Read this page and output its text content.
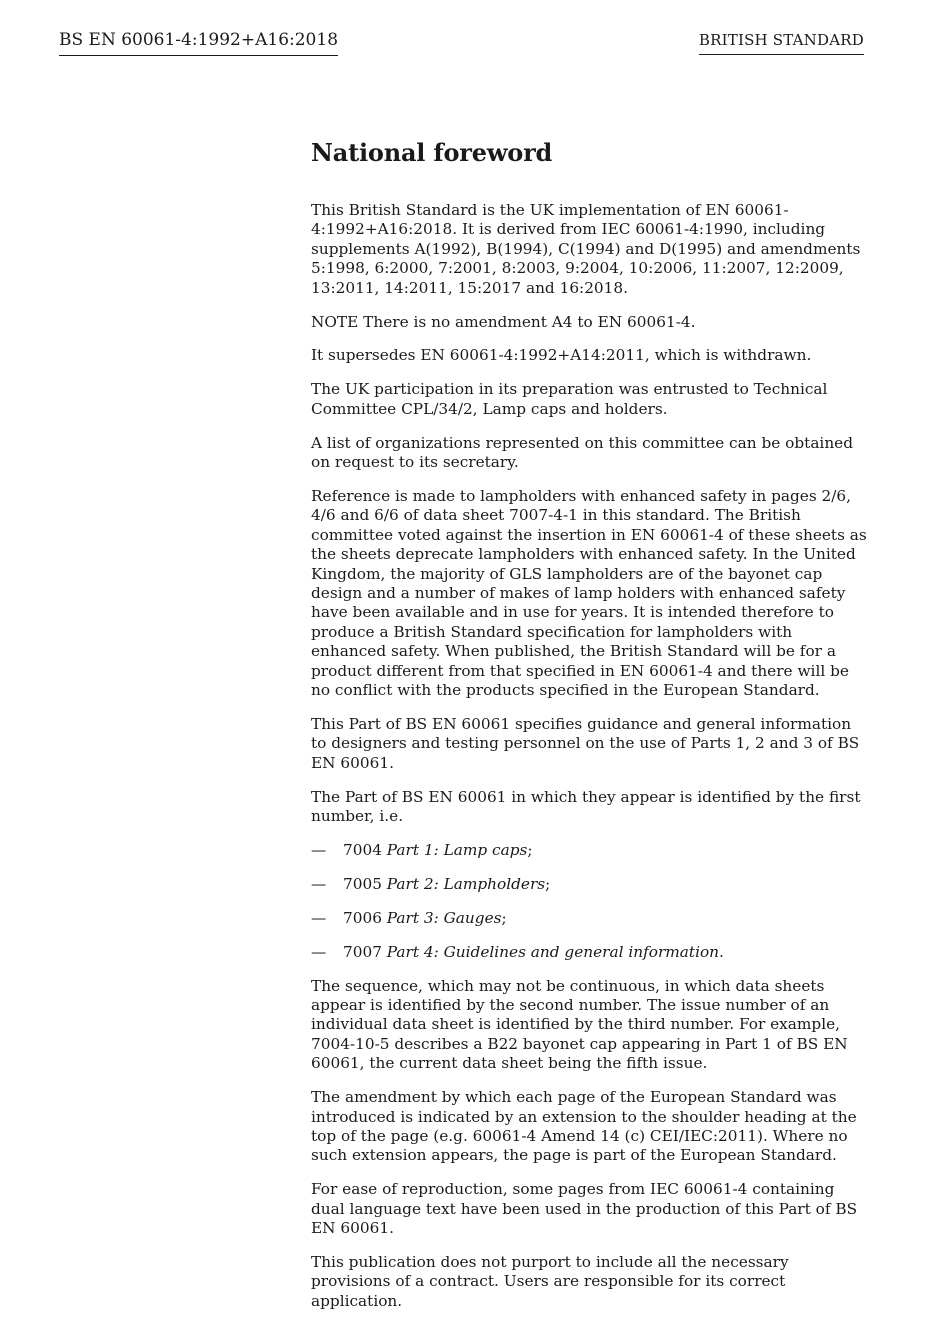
BS EN 60061-4:1992+A16:2018	BRITISH STANDARD
National foreword

This British Standard is the UK implementation of EN 60061-4:1992+A16:2018. It is derived from IEC 60061-4:1990, including supplements A(1992), B(1994), C(1994) and D(1995) and amendments 5:1998, 6:2000, 7:2001, 8:2003, 9:2004, 10:2006, 11:2007, 12:2009, 13:2011, 14:2011, 15:2017 and 16:2018.

NOTE There is no amendment A4 to EN 60061-4.

It supersedes EN 60061-4:1992+A14:2011, which is withdrawn.

The UK participation in its preparation was entrusted to Technical Committee CPL/34/2, Lamp caps and holders.

A list of organizations represented on this committee can be obtained on request to its secretary.

Reference is made to lampholders with enhanced safety in pages 2/6, 4/6 and 6/6 of data sheet 7007-4-1 in this standard. The British committee voted against the insertion in EN 60061-4 of these sheets as the sheets deprecate lampholders with enhanced safety. In the United Kingdom, the majority of GLS lampholders are of the bayonet cap design and a number of makes of lamp holders with enhanced safety have been available and in use for years. It is intended therefore to produce a British Standard specification for lampholders with enhanced safety. When published, the British Standard will be for a product different from that specified in EN 60061-4 and there will be no conflict with the products specified in the European Standard.

This Part of BS EN 60061 specifies guidance and general information to designers and testing personnel on the use of Parts 1, 2 and 3 of BS EN 60061.

The Part of BS EN 60061 in which they appear is identified by the first number, i.e.

—	7004 Part 1: Lamp caps;
—	7005 Part 2: Lampholders;
—	7006 Part 3: Gauges;
—	7007 Part 4: Guidelines and general information.

The sequence, which may not be continuous, in which data sheets appear is identified by the second number. The issue number of an individual data sheet is identified by the third number. For example, 7004-10-5 describes a B22 bayonet cap appearing in Part 1 of BS EN 60061, the current data sheet being the fifth issue.

The amendment by which each page of the European Standard was introduced is indicated by an extension to the shoulder heading at the top of the page (e.g. 60061-4 Amend 14 (c) CEI/IEC:2011). Where no such extension appears, the page is part of the European Standard.

For ease of reproduction, some pages from IEC 60061-4 containing dual language text have been used in the production of this Part of BS EN 60061.

This publication does not purport to include all the necessary provisions of a contract. Users are responsible for its correct application.
